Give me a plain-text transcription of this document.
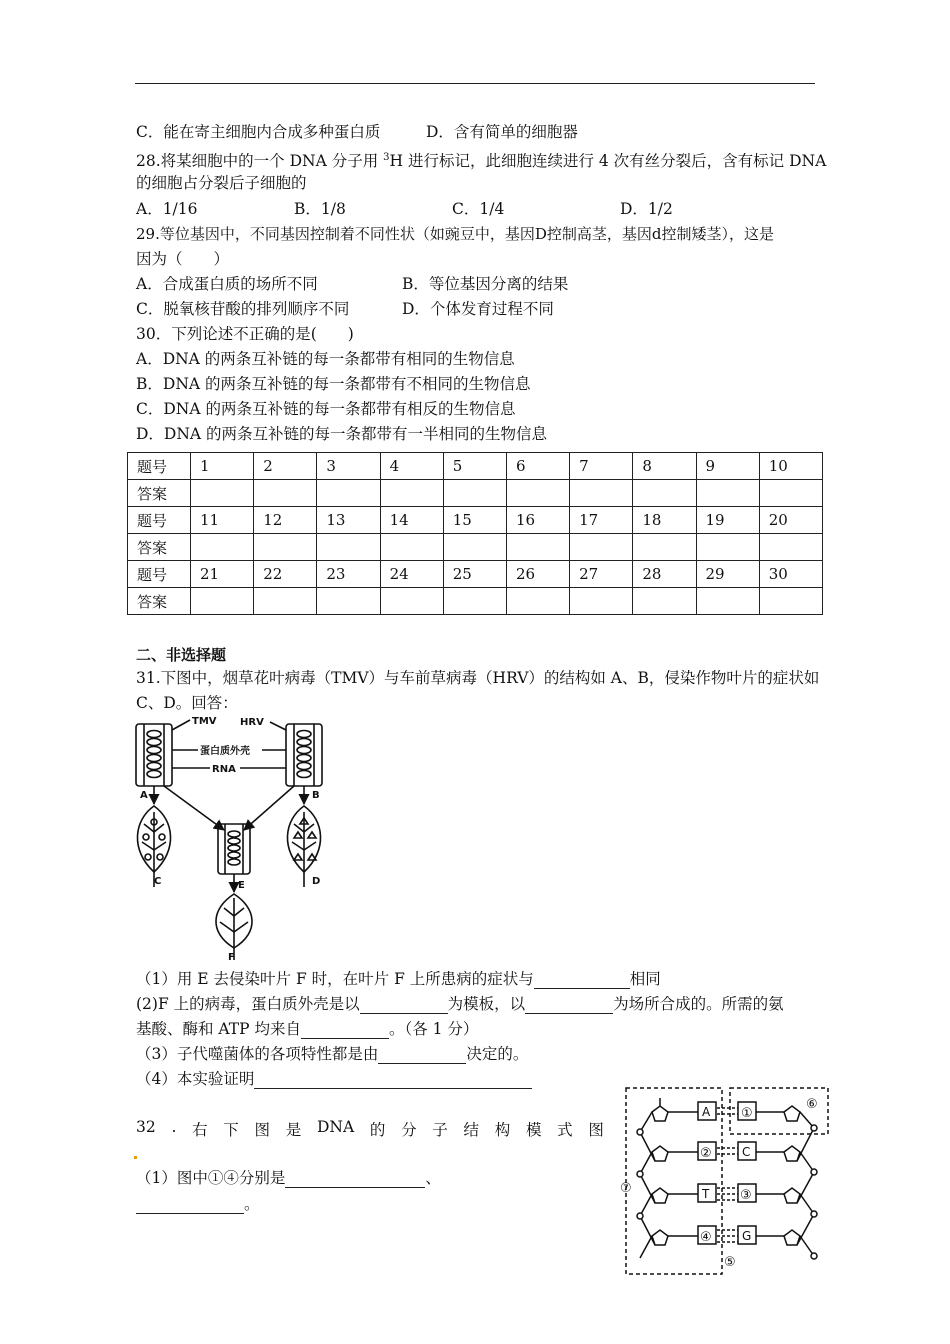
C．能在寄主细胞内合成多种蛋白质	D．含有简单的细胞器
28.将某细胞中的一个 DNA 分子用 $^3$H 进行标记，此细胞连续进行 4 次有丝分裂后，含有标记 DNA
的细胞占分裂后子细胞的
A．1/16	B．1/8	C．1/4	D．1/2
29.等位基因中，不同基因控制着不同性状（如豌豆中，基因D控制高茎，基因d控制矮茎），这是
因为（　　）
A．合成蛋白质的场所不同	B．等位基因分离的结果
C．脱氧核苷酸的排列顺序不同	D．个体发育过程不同
30．下列论述不正确的是(　　)
A．DNA 的两条互补链的每一条都带有相同的生物信息
B．DNA 的两条互补链的每一条都带有不相同的生物信息
C．DNA 的两条互补链的每一条都带有相反的生物信息
D．DNA 的两条互补链的每一条都带有一半相同的生物信息
题号	1	2	3	4	5	6	7	8	9	10
答案										
题号	11	12	13	14	15	16	17	18	19	20
答案										
题号	21	22	23	24	25	26	27	28	29	30
答案										
二、非选择题
31.下图中，烟草花叶病毒（TMV）与车前草病毒（HRV）的结构如 A、B，侵染作物叶片的症状如
C、D。回答：
TMV HRV
蛋白质外壳
RNA
A	B
C	D
E
F
（1）用 E 去侵染叶片 F 时，在叶片 F 上所患病的症状与	相同
(2)F 上的病毒，蛋白质外壳是以	为模板，以	为场所合成的。所需的氨
基酸、酶和 ATP 均来自	。（各 1 分）
（3）子代噬菌体的各项特性都是由	决定的。
（4）本实验证明
32 . 右 下 图 是 DNA 的 分 子 结 构 模 式 图
（1）图中①④分别是	、
。
A ①
⑥
②	C
⑦	T ③
④	G
⑤
